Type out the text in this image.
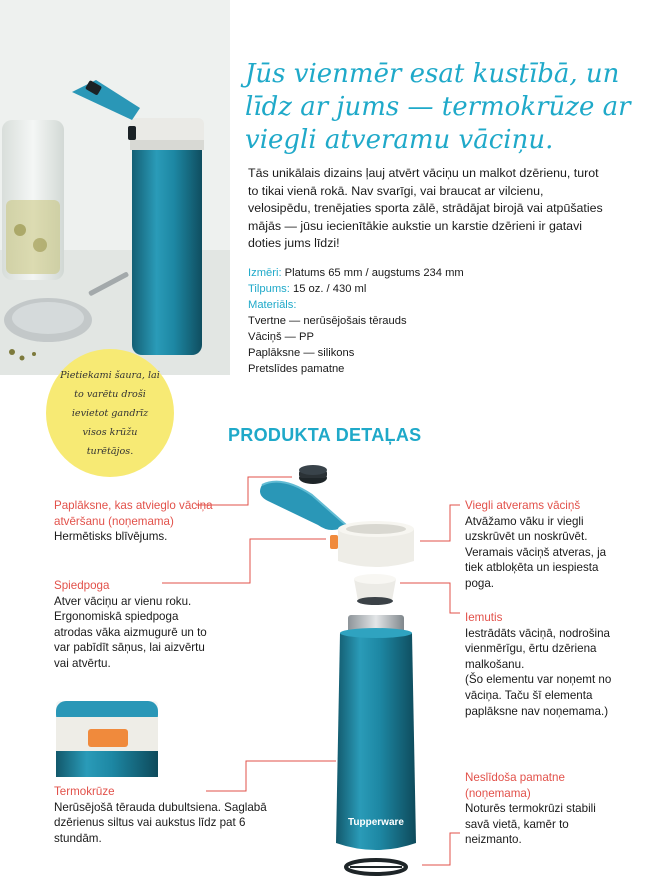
Jūs vienmēr esat kustībā, un līdz ar jums — termokrūze ar viegli atveramu vāciņu.

Tās unikālais dizains ļauj atvērt vāciņu un malkot dzērienu, turot to tikai vienā rokā. Nav svarīgi, vai braucat ar vilcienu, velosipēdu, trenējaties sporta zālē, strādājat birojā vai atpūšaties mājās — jūsu iecienītākie aukstie un karstie dzērieni ir gatavi doties jums līdzi!

Izmēri: Platums 65 mm / augstums 234 mm
Tilpums: 15 oz. / 430 ml
Materiāls:
Tvertne — nerūsējošais tērauds
Vāciņš — PP
Paplāksne — silikons
Pretslīdes pamatne
Pietiekami šaura, lai to varētu droši ievietot gandrīz visos krūžu turētājos.
PRODUKTA DETAĻAS
Tupperware
Paplāksne, kas atvieglo vāciņa atvēršanu (noņemama)
Hermētisks blīvējums.
Spiedpoga
Atver vāciņu ar vienu roku. Ergonomiskā spiedpoga atrodas vāka aizmugurē un to var pabīdīt sāņus, lai aizvērtu vai atvērtu.
Termokrūze
Nerūsējošā tērauda dubultsiena. Saglabā dzērienus siltus vai aukstus līdz pat 6 stundām.
Viegli atverams vāciņš
Atvāžamo vāku ir viegli uzskrūvēt un noskrūvēt. Veramais vāciņš atveras, ja tiek atbloķēta un iespiesta poga.
Iemutis
Iestrādāts vāciņā, nodrošina vienmērīgu, ērtu dzēriena malkošanu.
(Šo elementu var noņemt no vāciņa. Taču šī elementa paplāksne nav noņemama.)
Neslīdoša pamatne (noņemama)
Noturēs termokrūzi stabili savā vietā, kamēr to neizmanto.
